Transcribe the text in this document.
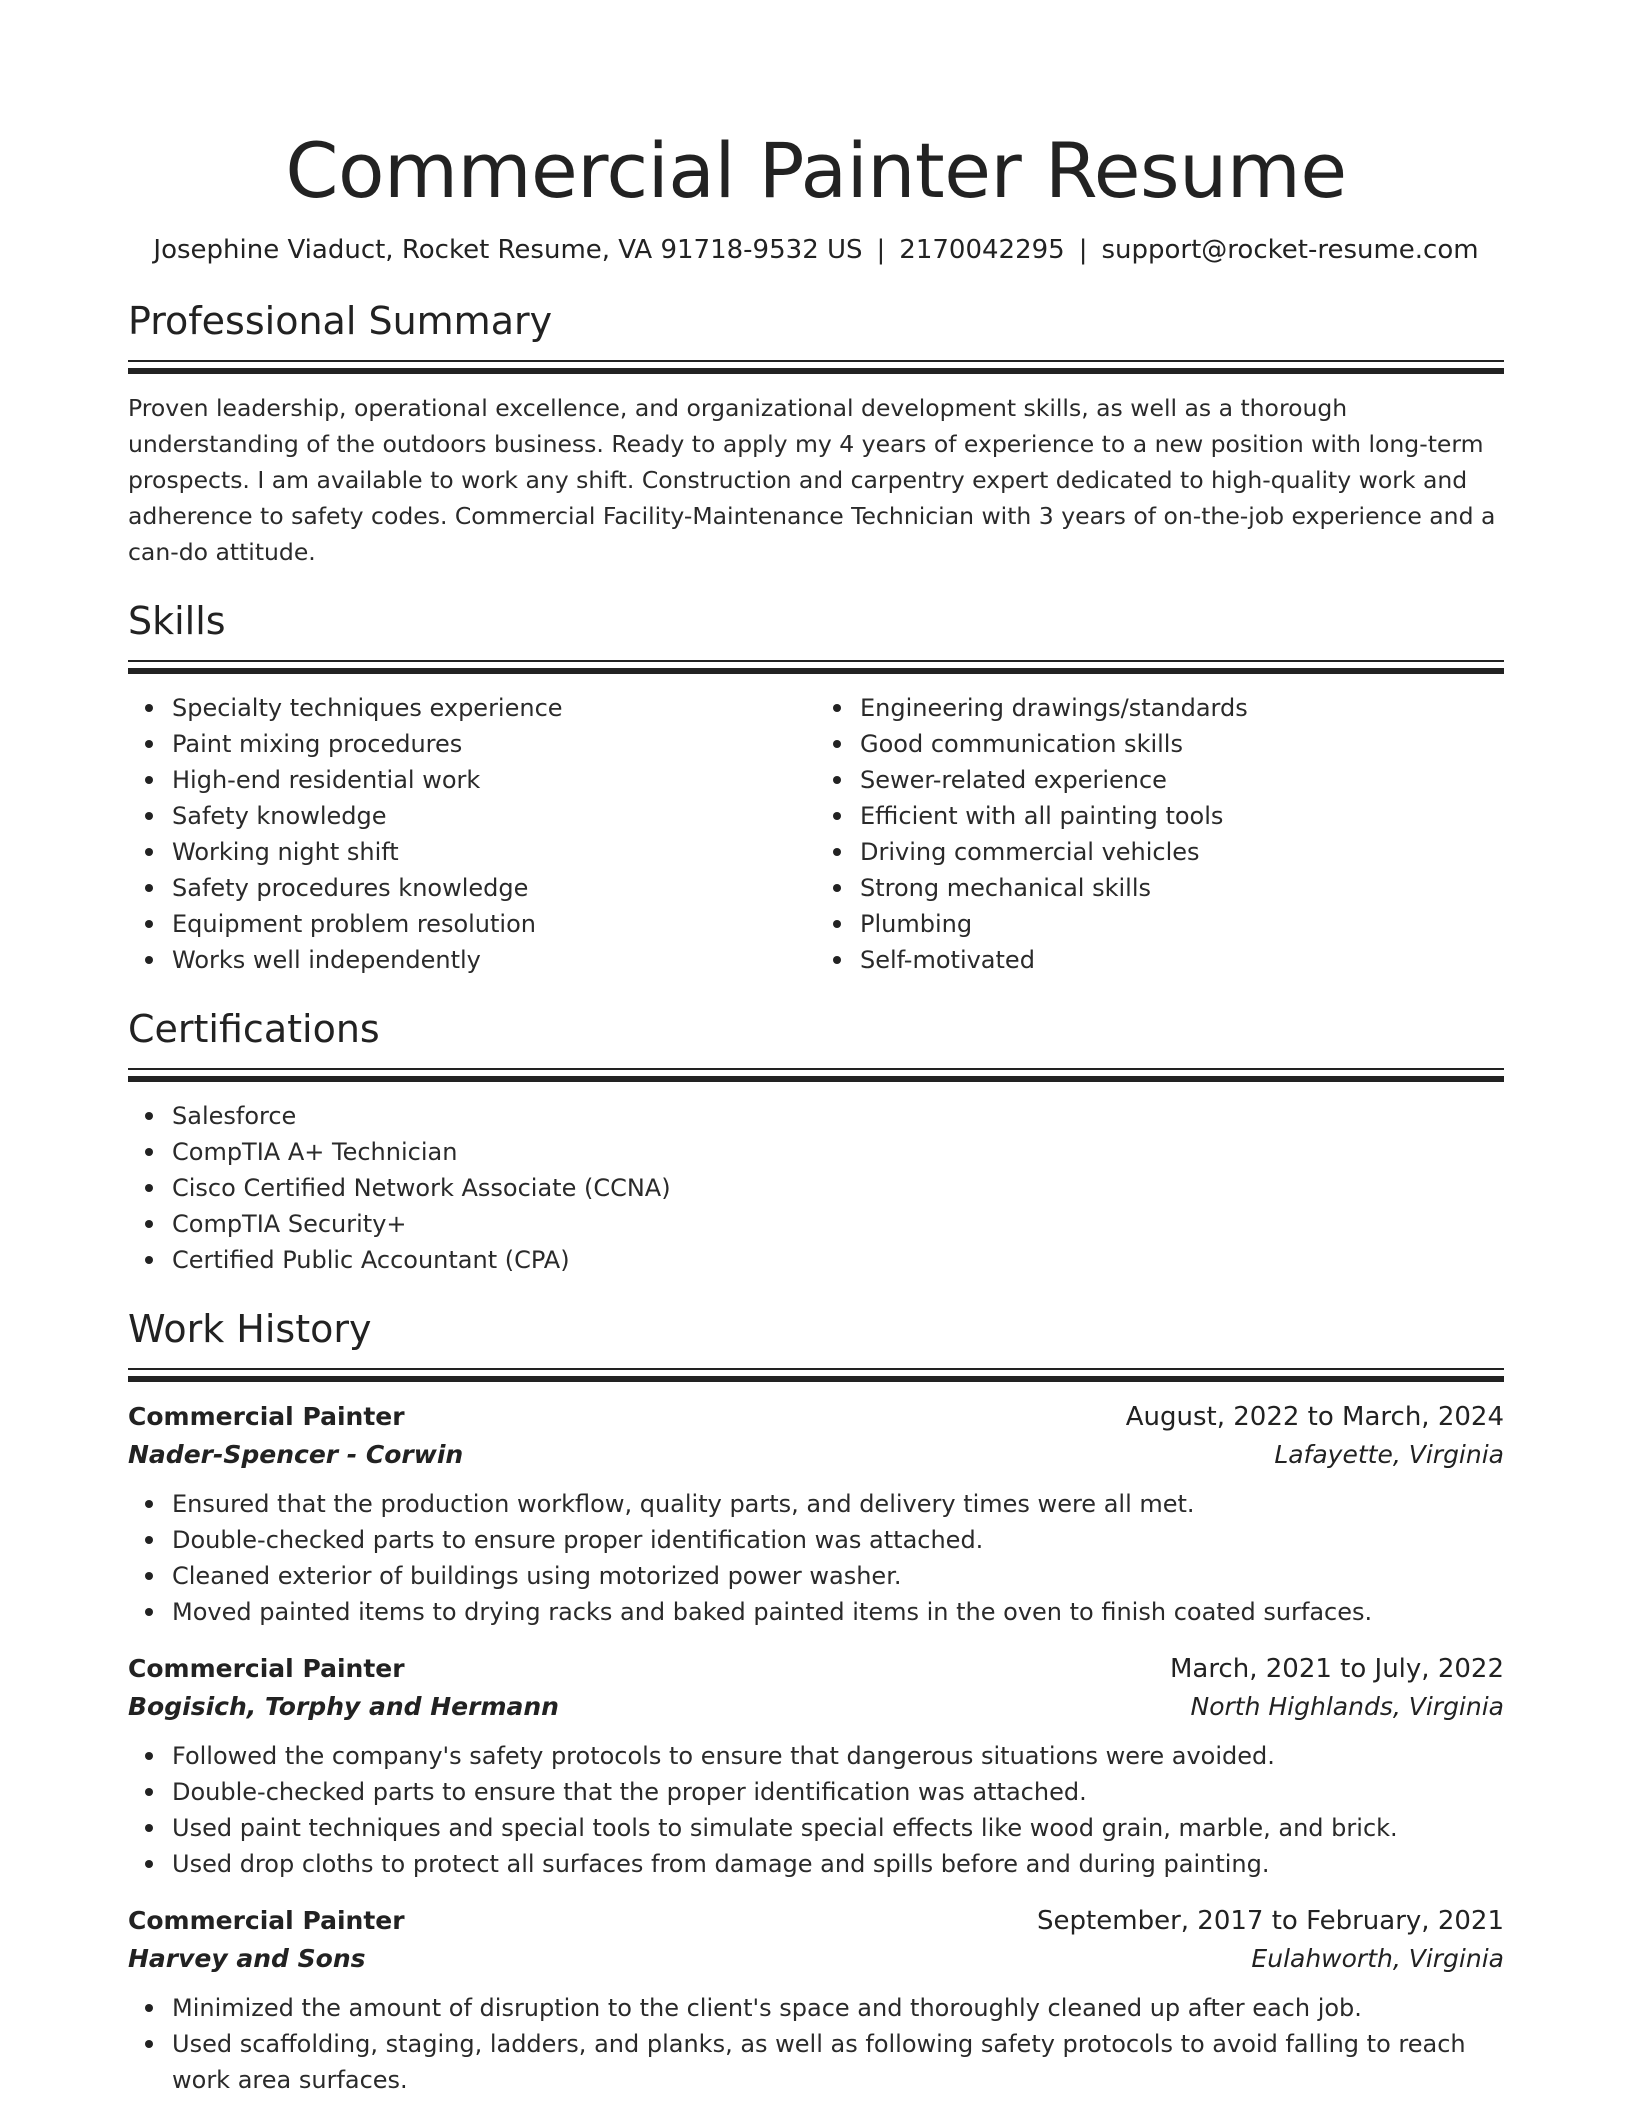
Commercial Painter Resume
Josephine Viaduct, Rocket Resume, VA 91718-9532 US | 2170042295 | support@rocket-resume.com
Professional Summary

Proven leadership, operational excellence, and organizational development skills, as well as a thorough understanding of the outdoors business. Ready to apply my 4 years of experience to a new position with long-term prospects. I am available to work any shift. Construction and carpentry expert dedicated to high-quality work and adherence to safety codes. Commercial Facility-Maintenance Technician with 3 years of on-the-job experience and a can-do attitude.

Skills
Specialty techniques experience
Paint mixing procedures
High-end residential work
Safety knowledge
Working night shift
Safety procedures knowledge
Equipment problem resolution
Works well independently
Engineering drawings/standards
Good communication skills
Sewer-related experience
Efficient with all painting tools
Driving commercial vehicles
Strong mechanical skills
Plumbing
Self-motivated
Certifications
Salesforce
CompTIA A+ Technician
Cisco Certified Network Associate (CCNA)
CompTIA Security+
Certified Public Accountant (CPA)
Work History
Commercial Painter	August, 2022 to March, 2024
Nader-Spencer - Corwin	Lafayette, Virginia
Ensured that the production workflow, quality parts, and delivery times were all met.
Double-checked parts to ensure proper identification was attached.
Cleaned exterior of buildings using motorized power washer.
Moved painted items to drying racks and baked painted items in the oven to finish coated surfaces.
Commercial Painter	March, 2021 to July, 2022
Bogisich, Torphy and Hermann	North Highlands, Virginia
Followed the company's safety protocols to ensure that dangerous situations were avoided.
Double-checked parts to ensure that the proper identification was attached.
Used paint techniques and special tools to simulate special effects like wood grain, marble, and brick.
Used drop cloths to protect all surfaces from damage and spills before and during painting.
Commercial Painter	September, 2017 to February, 2021
Harvey and Sons	Eulahworth, Virginia
Minimized the amount of disruption to the client's space and thoroughly cleaned up after each job.
Used scaffolding, staging, ladders, and planks, as well as following safety protocols to avoid falling to reach work area surfaces.
